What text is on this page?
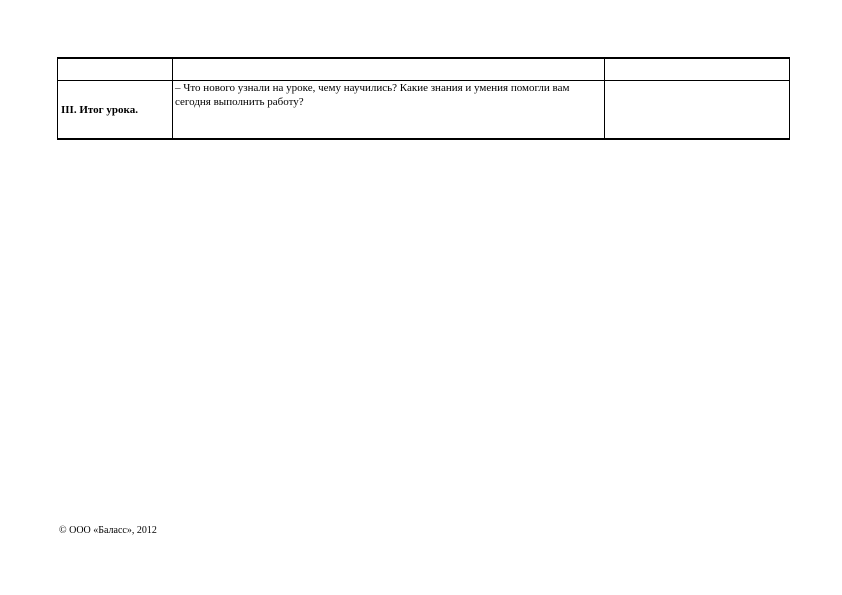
III. Итог урока.	– Что нового узнали на уроке, чему научились? Какие знания и умения помогли вам сегодня выполнить работу?	
© ООО «Баласс», 2012
